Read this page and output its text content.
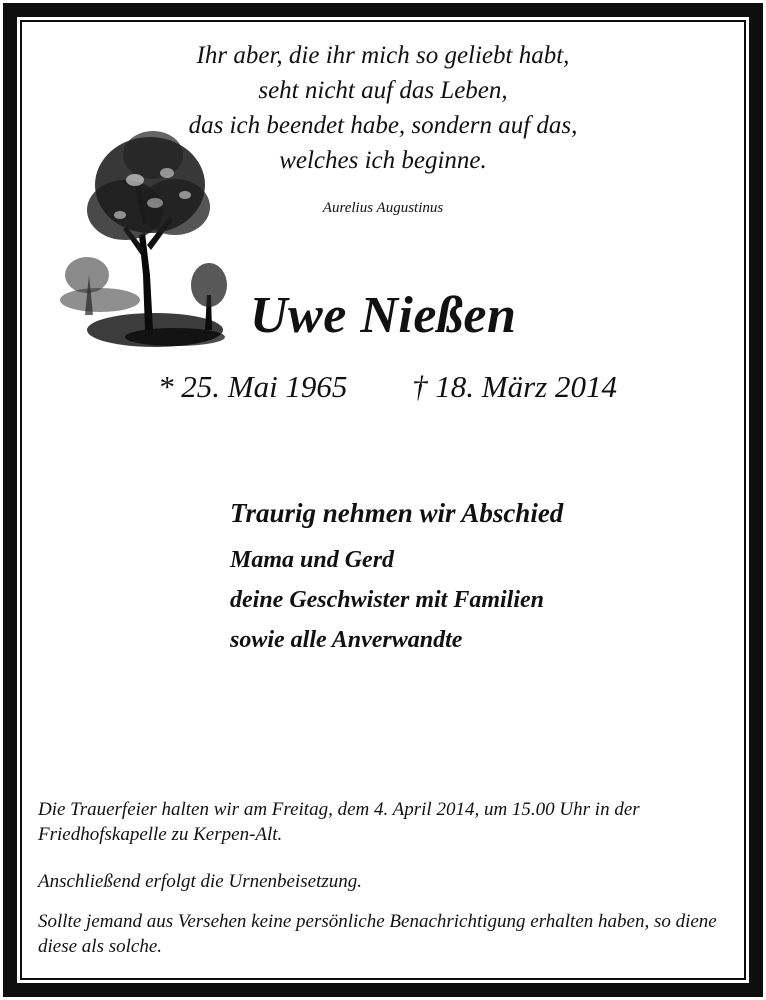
Ihr aber, die ihr mich so geliebt habt,
seht nicht auf das Leben,
das ich beendet habe, sondern auf das,
welches ich beginne.
Aurelius Augustinus
Uwe Nießen
* 25. Mai 1965 † 18. März 2014
Traurig nehmen wir Abschied
Mama und Gerd
deine Geschwister mit Familien
sowie alle Anverwandte
Die Trauerfeier halten wir am Freitag, dem 4. April 2014, um 15.00 Uhr in der Friedhofskapelle zu Kerpen-Alt.
Anschließend erfolgt die Urnenbeisetzung.
Sollte jemand aus Versehen keine persönliche Benachrichtigung erhalten haben, so diene diese als solche.
